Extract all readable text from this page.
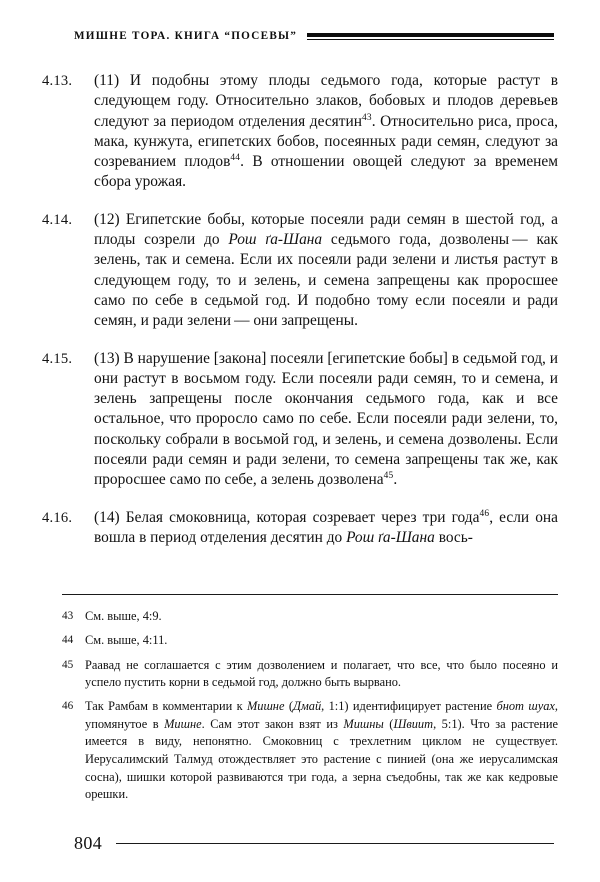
МИШНЕ ТОРА. КНИГА “ПОСЕВЫ”
4.13.	(11) И подобны этому плоды седьмого года, которые растут в следующем году. Относительно злаков, бобовых и плодов деревьев следуют за периодом отделения десятин$^{43}$. Относительно риса, проса, мака, кунжута, египетских бобов, посеянных ради семян, следуют за созреванием плодов$^{44}$. В отношении овощей следуют за временем сбора урожая.
4.14.	(12) Египетские бобы, которые посеяли ради семян в шестой год, а плоды созрели до Рош ґа-Шана седьмого года, дозволены — как зелень, так и семена. Если их посеяли ради зелени и листья растут в следующем году, то и зелень, и семена запрещены как проросшее само по себе в седьмой год. И подобно тому если посеяли и ради семян, и ради зелени — они запрещены.
4.15.	(13) В нарушение [закона] посеяли [египетские бобы] в седьмой год, и они растут в восьмом году. Если посеяли ради семян, то и семена, и зелень запрещены после окончания седьмого года, как и все остальное, что проросло само по себе. Если посеяли ради зелени, то, поскольку собрали в восьмой год, и зелень, и семена дозволены. Если посеяли ради семян и ради зелени, то семена запрещены так же, как проросшее само по себе, а зелень дозволена$^{45}$.
4.16.	(14) Белая смоковница, которая созревает через три года$^{46}$, если она вошла в период отделения десятин до Рош ґа-Шана вось-
43 См. выше, 4:9.
44 См. выше, 4:11.
45 Раавад не соглашается с этим дозволением и полагает, что все, что было посеяно и успело пустить корни в седьмой год, должно быть вырвано.
46 Так Рамбам в комментарии к Мишне (Дмай, 1:1) идентифицирует растение бнот шуах, упомянутое в Мишне. Сам этот закон взят из Мишны (Швиит, 5:1). Что за растение имеется в виду, непонятно. Смоковниц с трехлетним циклом не существует. Иерусалимский Талмуд отождествляет это растение с пинией (она же иерусалимская сосна), шишки которой развиваются три года, а зерна съедобны, так же как кедровые орешки.
804
